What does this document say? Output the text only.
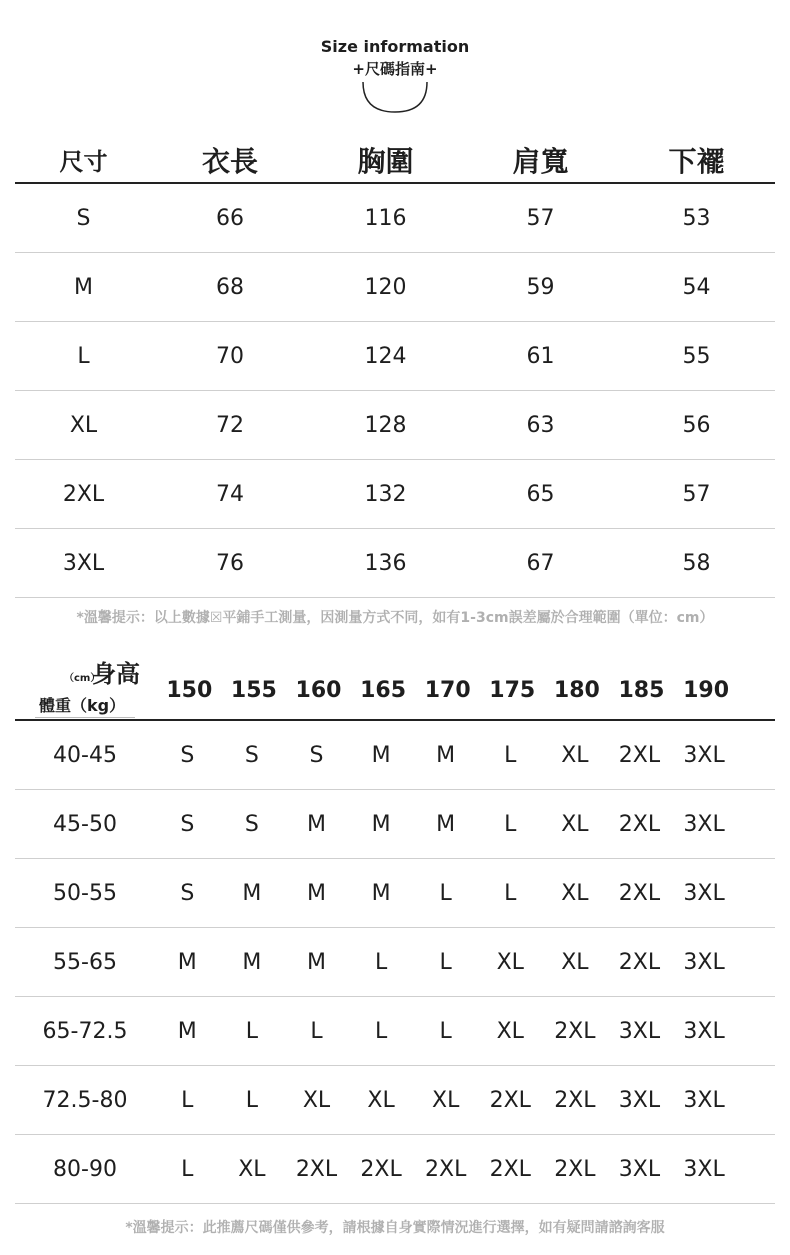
Size information
+尺碼指南+
尺寸	衣長	胸圍	肩寬	下襬
S	66	116	57	53
M	68	120	59	54
L	70	124	61	55
XL	72	128	63	56
2XL	74	132	65	57
3XL	76	136	67	58
*溫馨提示：以上數據☒平鋪手工測量，因測量方式不同，如有1-3cm誤差屬於合理範圍（單位：cm）
（cm）
身高
體重（kg）
150 155 160 165 170 175 180 185 190
40-45	S	S	S	M	M	L	XL	2XL	3XL
45-50	S	S	M	M	M	L	XL	2XL	3XL
50-55	S	M	M	M	L	L	XL	2XL	3XL
55-65	M	M	M	L	L	XL	XL	2XL	3XL
65-72.5	M	L	L	L	L	XL	2XL	3XL	3XL
72.5-80	L	L	XL	XL	XL	2XL	2XL	3XL	3XL
80-90	L	XL	2XL	2XL	2XL	2XL	2XL	3XL	3XL
*溫馨提示：此推薦尺碼僅供參考，請根據自身實際情況進行選擇，如有疑問請諮詢客服
